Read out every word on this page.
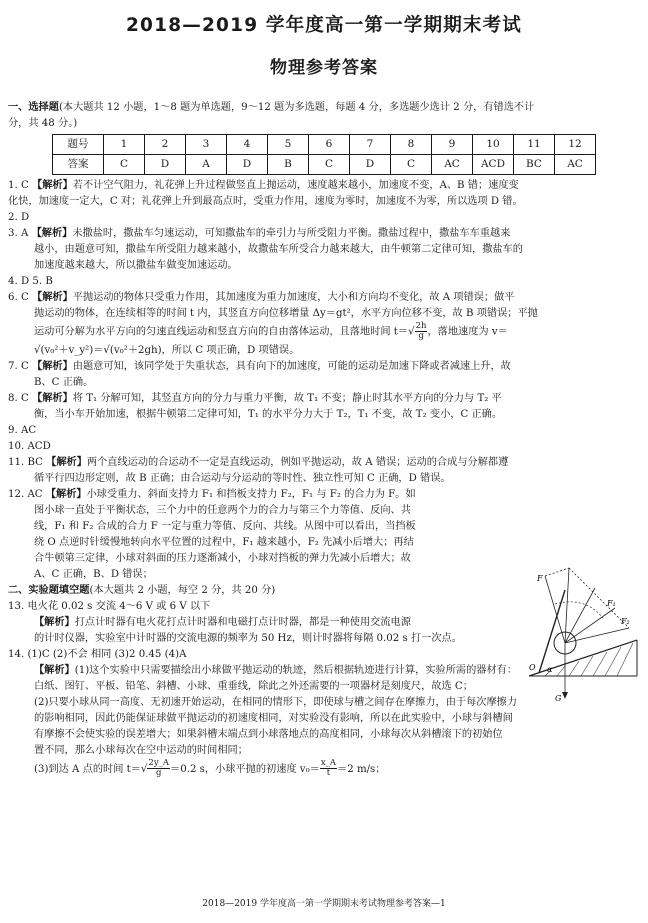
2018—2019 学年度高一第一学期期末考试
物理参考答案

一、选择题(本大题共 12 小题，1～8 题为单选题，9～12 题为多选题，每题 4 分，多选题少选计 2 分，有错选不计

分，共 48 分。)

题号	1	2	3	4	5	6	7	8	9	10	11	12
答案	C	D	A	D	B	C	D	C	AC	ACD	BC	AC

1. C 【解析】若不计空气阻力，礼花弹上升过程做竖直上抛运动，速度越来越小，加速度不变，A、B 错；速度变

化快，加速度一定大，C 对；礼花弹上升到最高点时，受重力作用，速度为零时，加速度不为零，所以选项 D 错。

2. D

3. A 【解析】未撒盐时，撒盐车匀速运动，可知撒盐车的牵引力与所受阻力平衡。撒盐过程中，撒盐车车重越来

越小，由题意可知，撒盐车所受阻力越来越小，故撒盐车所受合力越来越大，由牛顿第二定律可知，撒盐车的

加速度越来越大，所以撒盐车做变加速运动。

4. D 5. B

6. C 【解析】平抛运动的物体只受重力作用，其加速度为重力加速度，大小和方向均不变化，故 A 项错误；做平

抛运动的物体，在连续相等的时间 t 内，其竖直方向位移增量 Δy＝gt²，水平方向位移不变，故 B 项错误；平抛

运动可分解为水平方向的匀速直线运动和竖直方向的自由落体运动，且落地时间 $t=√ \frac{2h}{g}$ ，落地速度为 v＝

√(v₀²＋v_y²)＝√(v₀²＋2gh)，所以 C 项正确，D 项错误。

7. C 【解析】由题意可知，该同学处于失重状态，具有向下的加速度，可能的运动是加速下降或者减速上升，故

B、C 正确。

8. C 【解析】将 T₁ 分解可知，其竖直方向的分力与重力平衡，故 T₁ 不变；静止时其水平方向的分力与 T₂ 平

衡，当小车开始加速，根据牛顿第二定律可知，T₁ 的水平分力大于 T₂，T₁ 不变，故 T₂ 变小，C 正确。

9. AC

10. ACD

11. BC 【解析】两个直线运动的合运动不一定是直线运动，例如平抛运动，故 A 错误；运动的合成与分解都遵

循平行四边形定则，故 B 正确；由合运动与分运动的等时性、独立性可知 C 正确，D 错误。

12. AC 【解析】小球受重力、斜面支持力 F₁ 和挡板支持力 F₂，F₁ 与 F₂ 的合力为 F。如

图小球一直处于平衡状态，三个力中的任意两个力的合力与第三个力等值、反向、共

线，F₁ 和 F₂ 合成的合力 F 一定与重力等值、反向、共线。从图中可以看出，当挡板

绕 O 点逆时针缓慢地转向水平位置的过程中，F₁ 越来越小，F₂ 先减小后增大；再结

合牛顿第三定律，小球对斜面的压力逐渐减小，小球对挡板的弹力先减小后增大；故

A、C 正确，B、D 错误；

二、实验题填空题(本大题共 2 小题，每空 2 分，共 20 分)

13. 电火花 0.02 s 交流 4～6 V 或 6 V 以下

【解析】打点计时器有电火花打点计时器和电磁打点计时器，都是一种使用交流电源

的计时仪器，实验室中计时器的交流电源的频率为 50 Hz，则计时器将每隔 0.02 s 打一次点。

14. (1)C (2)不会 相同 (3)2 0.45 (4)A

【解析】(1)这个实验中只需要描绘出小球做平抛运动的轨迹，然后根据轨迹进行计算，实验所需的器材有：

白纸、图钉、平板、铅笔、斜槽、小球、重垂线，除此之外还需要的一项器材是刻度尺，故选 C；

(2)只要小球从同一高度、无初速开始运动，在相同的情形下，即使球与槽之间存在摩擦力，由于每次摩擦力

的影响相同，因此仍能保证球做平抛运动的初速度相同，对实验没有影响，所以在此实验中，小球与斜槽间

有摩擦不会使实验的误差增大；如果斜槽末端点到小球落地点的高度相同，小球每次从斜槽滚下的初始位

置不同，那么小球每次在空中运动的时间相同；

(3)到达 A 点的时间 $t=√ \frac{2y\_A}{g} =0.2$ s，小球平抛的初速度 $v_0= \frac{x\_A}{t} =2$ m/s；

F
F₁
F₂
O α
G
2018—2019 学年度高一第一学期期末考试物理参考答案—1
